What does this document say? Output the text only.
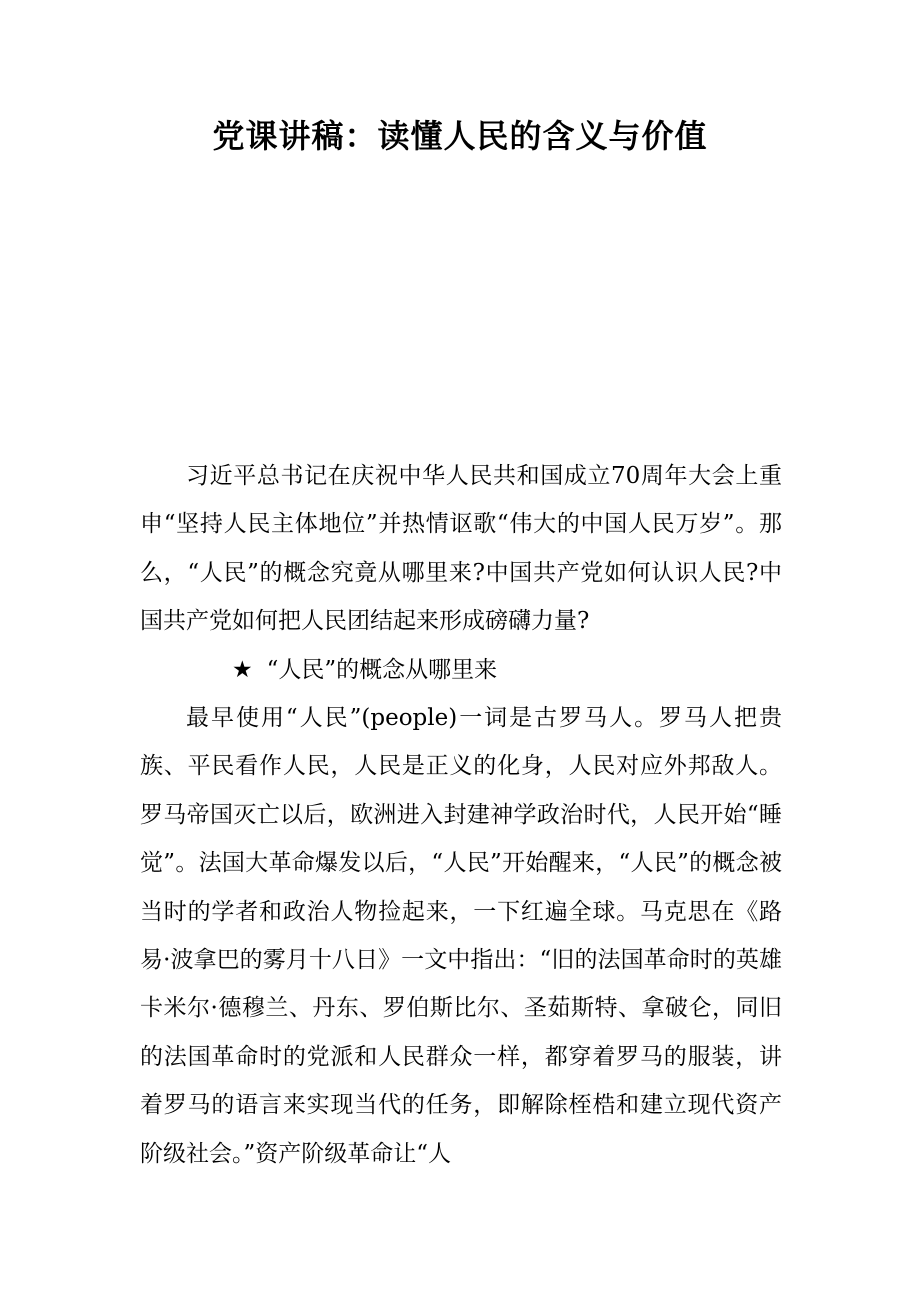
党课讲稿：读懂人民的含义与价值

习近平总书记在庆祝中华人民共和国成立70周年大会上重申“坚持人民主体地位”并热情讴歌“伟大的中国人民万岁”。那么，“人民”的概念究竟从哪里来?中国共产党如何认识人民?中国共产党如何把人民团结起来形成磅礴力量?

★ “人民”的概念从哪里来

最早使用“人民”(people)一词是古罗马人。罗马人把贵族、平民看作人民，人民是正义的化身，人民对应外邦敌人。罗马帝国灭亡以后，欧洲进入封建神学政治时代，人民开始“睡觉”。法国大革命爆发以后，“人民”开始醒来，“人民”的概念被当时的学者和政治人物捡起来，一下红遍全球。马克思在《路易·波拿巴的雾月十八日》一文中指出：“旧的法国革命时的英雄卡米尔·德穆兰、丹东、罗伯斯比尔、圣茹斯特、拿破仑，同旧的法国革命时的党派和人民群众一样，都穿着罗马的服装，讲着罗马的语言来实现当代的任务，即解除桎梏和建立现代资产阶级社会。”资产阶级革命让“人
